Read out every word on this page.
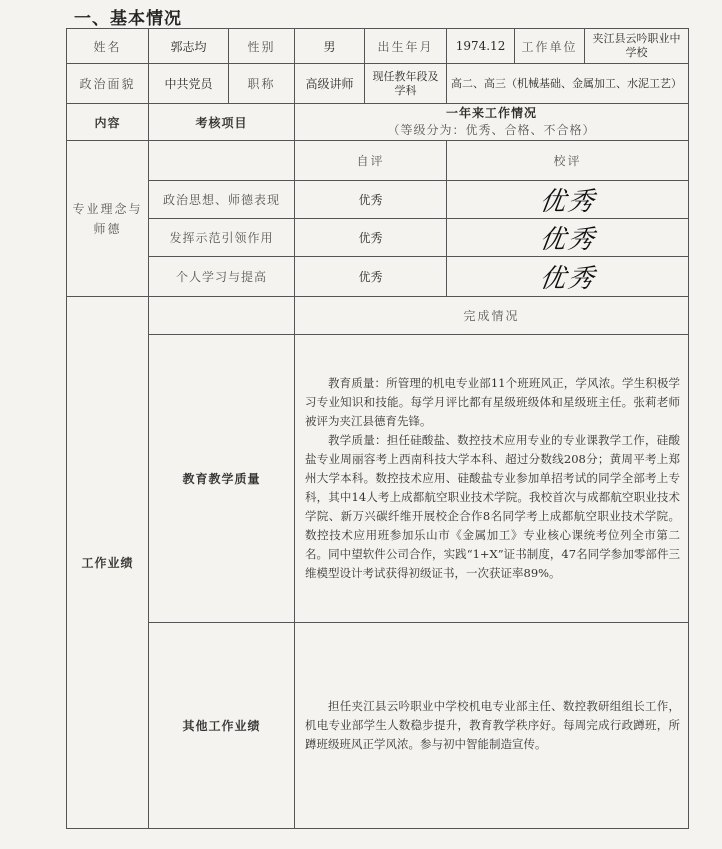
一、基本情况
姓名	郭志均	性别	男	出生年月	1974.12	工作单位	夹江县云吟职业中学校
政治面貌	中共党员	职称	高级讲师	现任教年段及学科	高二、高三（机械基础、金属加工、水泥工艺）		
内容	考核项目		一年来工作情况
（等级分为：优秀、合格、不合格）				

专业理念与师德			自评		校评		
	政治思想、师德表现		优秀		优秀		
	发挥示范引领作用		优秀		优秀		
	个人学习与提高		优秀		优秀		
工作业绩			完成情况				
	教育教学质量		教育质量：所管理的机电专业部11个班班风正，学风浓。学生积极学习专业知识和技能。每学月评比都有星级班级体和星级班主任。张莉老师被评为夹江县德育先锋。

教学质量：担任硅酸盐、数控技术应用专业的专业课教学工作，硅酸盐专业周丽容考上西南科技大学本科、超过分数线208分；黄周平考上郑州大学本科。数控技术应用、硅酸盐专业参加单招考试的同学全部考上专科，其中14人考上成都航空职业技术学院。我校首次与成都航空职业技术学院、新万兴碳纤维开展校企合作8名同学考上成都航空职业技术学院。数控技术应用班参加乐山市《金属加工》专业核心课统考位列全市第二名。同中望软件公司合作，实践“1+X”证书制度，47名同学参加零部件三维模型设计考试获得初级证书，一次获证率89%。				

	其他工作业绩		担任夹江县云吟职业中学校机电专业部主任、数控教研组组长工作，机电专业部学生人数稳步提升，教育教学秩序好。每周完成行政蹲班，所蹲班级班风正学风浓。参与初中智能制造宣传。				
